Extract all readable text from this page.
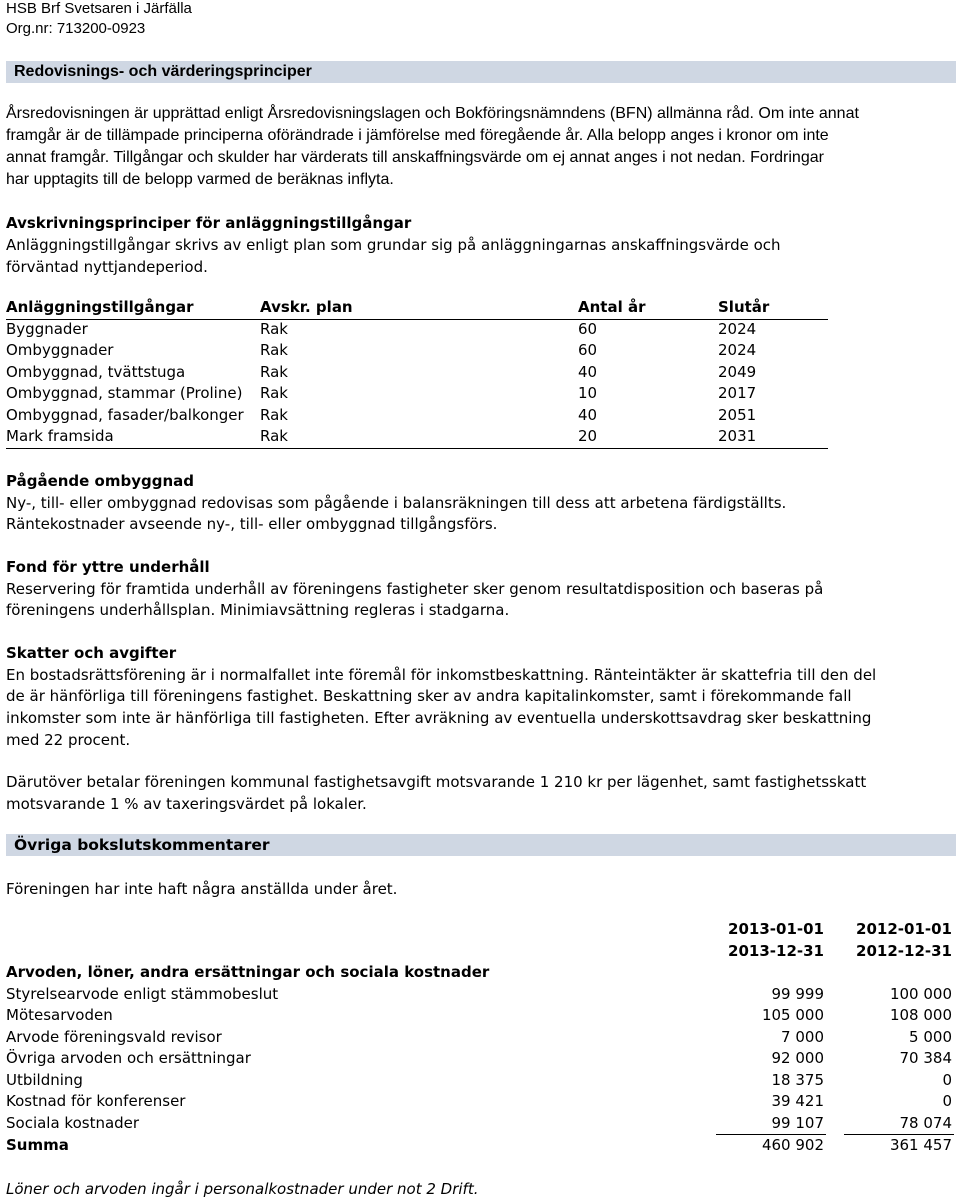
HSB Brf Svetsaren i Järfälla
Org.nr: 713200-0923
Redovisnings- och värderingsprinciper
Årsredovisningen är upprättad enligt Årsredovisningslagen och Bokföringsnämndens (BFN) allmänna råd. Om inte annat
framgår är de tillämpade principerna oförändrade i jämförelse med föregående år. Alla belopp anges i kronor om inte
annat framgår. Tillgångar och skulder har värderats till anskaffningsvärde om ej annat anges i not nedan. Fordringar
har upptagits till de belopp varmed de beräknas inflyta.
Avskrivningsprinciper för anläggningstillgångar
Anläggningstillgångar skrivs av enligt plan som grundar sig på anläggningarnas anskaffningsvärde och
förväntad nyttjandeperiod.
Anläggningstillgångar	Avskr. plan	Antal år	Slutår
Byggnader	Rak	60	2024
Ombyggnader	Rak	60	2024
Ombyggnad, tvättstuga	Rak	40	2049
Ombyggnad, stammar (Proline) Rak	10	2017
Ombyggnad, fasader/balkonger Rak	40	2051
Mark framsida	Rak	20	2031
Pågående ombyggnad
Ny-, till- eller ombyggnad redovisas som pågående i balansräkningen till dess att arbetena färdigställts.
Räntekostnader avseende ny-, till- eller ombyggnad tillgångsförs.
Fond för yttre underhåll
Reservering för framtida underhåll av föreningens fastigheter sker genom resultatdisposition och baseras på
föreningens underhållsplan. Minimiavsättning regleras i stadgarna.
Skatter och avgifter
En bostadsrättsförening är i normalfallet inte föremål för inkomstbeskattning. Ränteintäkter är skattefria till den del
de är hänförliga till föreningens fastighet. Beskattning sker av andra kapitalinkomster, samt i förekommande fall
inkomster som inte är hänförliga till fastigheten. Efter avräkning av eventuella underskottsavdrag sker beskattning
med 22 procent.
Därutöver betalar föreningen kommunal fastighetsavgift motsvarande 1 210 kr per lägenhet, samt fastighetsskatt
motsvarande 1 % av taxeringsvärdet på lokaler.
Övriga bokslutskommentarer
Föreningen har inte haft några anställda under året.
2013-01-01 2012-01-01
2013-12-31 2012-12-31
Arvoden, löner, andra ersättningar och sociala kostnader
Styrelsearvode enligt stämmobeslut	99 999	100 000
Mötesarvoden	105 000	108 000
Arvode föreningsvald revisor	7 000	5 000
Övriga arvoden och ersättningar	92 000	70 384
Utbildning	18 375	0
Kostnad för konferenser	39 421	0
Sociala kostnader	99 107	78 074
Summa	460 902	361 457
Löner och arvoden ingår i personalkostnader under not 2 Drift.
